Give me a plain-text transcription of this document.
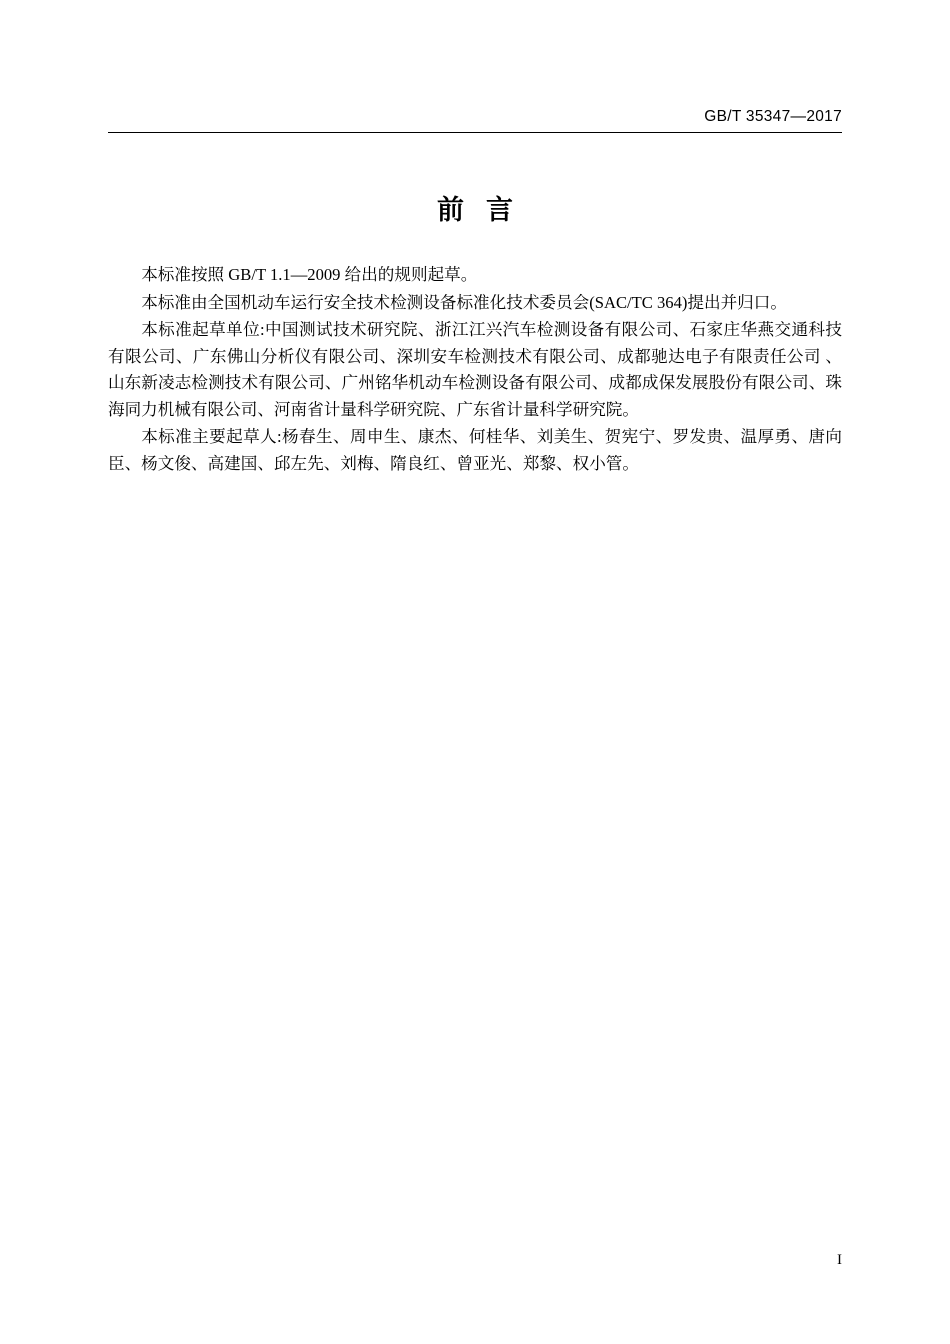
GB/T 35347—2017
前言

本标准按照 GB/T 1.1—2009 给出的规则起草。

本标准由全国机动车运行安全技术检测设备标准化技术委员会(SAC/TC 364)提出并归口。

本标准起草单位:中国测试技术研究院、浙江江兴汽车检测设备有限公司、石家庄华燕交通科技有限公司、广东佛山分析仪有限公司、深圳安车检测技术有限公司、成都驰达电子有限责任公司 、山东新凌志检测技术有限公司、广州铭华机动车检测设备有限公司、成都成保发展股份有限公司、珠海同力机械有限公司、河南省计量科学研究院、广东省计量科学研究院。

本标准主要起草人:杨春生、周申生、康杰、何桂华、刘美生、贺宪宁、罗发贵、温厚勇、唐向臣、杨文俊、高建国、邱左先、刘梅、隋良红、曾亚光、郑黎、权小管。

I
